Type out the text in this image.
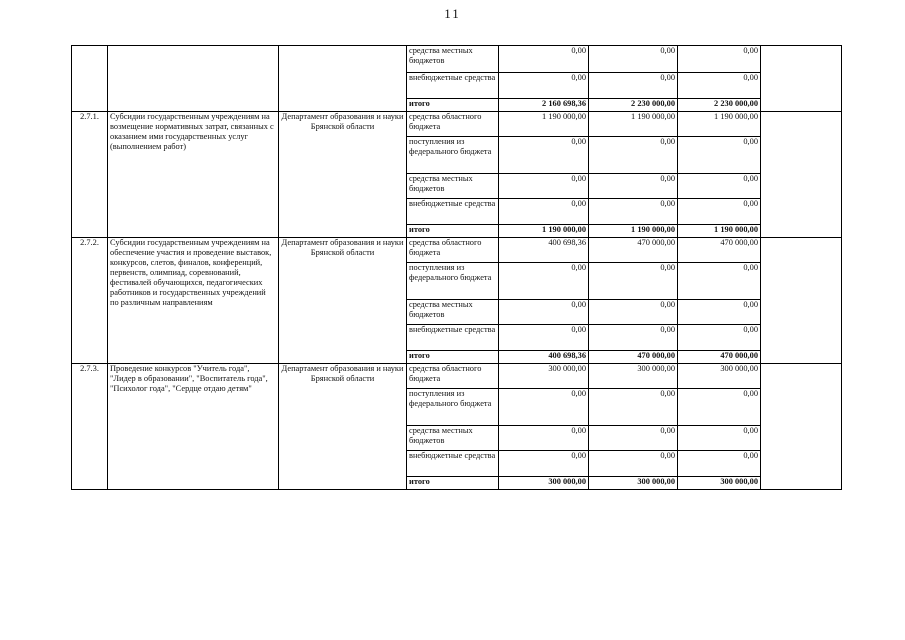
11
			средства местных бюджетов	0,00	0,00	0,00	
			внебюджетные средства	0,00	0,00	0,00	
			итого	2 160 698,36	2 230 000,00	2 230 000,00	
2.7.1.	Субсидии государственным учреждениям на возмещение нормативных затрат, связанных с оказанием ими государственных услуг (выполнением работ)	Департамент образования и науки Брянской области	средства областного бюджета	1 190 000,00	1 190 000,00	1 190 000,00	
			поступления из федерального бюджета	0,00	0,00	0,00	
			средства местных бюджетов	0,00	0,00	0,00	
			внебюджетные средства	0,00	0,00	0,00	
			итого	1 190 000,00	1 190 000,00	1 190 000,00	
2.7.2.	Субсидии государственным учреждениям на обеспечение участия и проведение выставок, конкурсов, слетов, финалов, конференций, первенств, олимпиад, соревнований, фестивалей обучающихся, педагогических работников и государственных учреждений по различным направлениям	Департамент образования и науки Брянской области	средства областного бюджета	400 698,36	470 000,00	470 000,00	
			поступления из федерального бюджета	0,00	0,00	0,00	
			средства местных бюджетов	0,00	0,00	0,00	
			внебюджетные средства	0,00	0,00	0,00	
			итого	400 698,36	470 000,00	470 000,00	
2.7.3.	Проведение конкурсов "Учитель года", "Лидер в образовании", "Воспитатель года", "Психолог года", "Сердце отдаю детям"	Департамент образования и науки Брянской области	средства областного бюджета	300 000,00	300 000,00	300 000,00	
			поступления из федерального бюджета	0,00	0,00	0,00	
			средства местных бюджетов	0,00	0,00	0,00	
			внебюджетные средства	0,00	0,00	0,00	
			итого	300 000,00	300 000,00	300 000,00	
